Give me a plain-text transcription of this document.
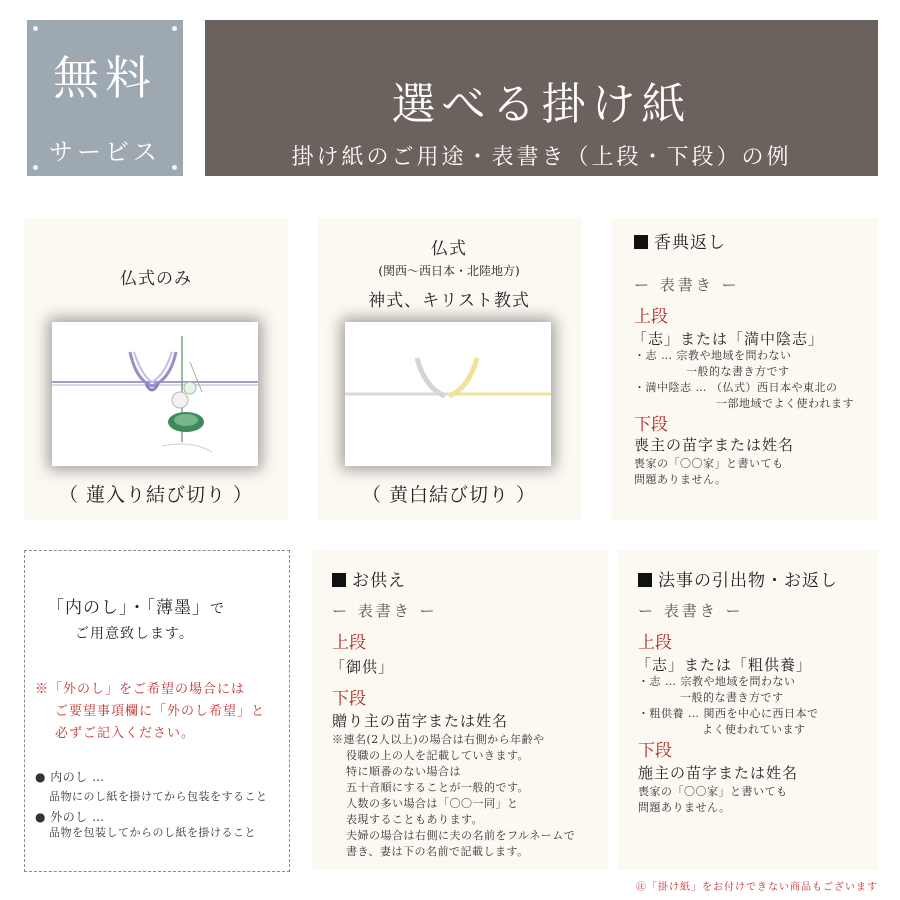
無料
サービス
選べる掛け紙
掛け紙のご用途・表書き（上段・下段）の例
仏式のみ
（ 蓮入り結び切り ）
仏式
(関西〜西日本・北陸地方)
神式、キリスト教式
（ 黄白結び切り ）
香典返し
ー 表書き ー
上段
「志」または「満中陰志」
・志 … 宗教や地域を問わない
一般的な書き方です
・満中陰志 … （仏式）西日本や東北の
一部地域でよく使われます
下段
喪主の苗字または姓名
喪家の「〇〇家」と書いても
問題ありません。
「内のし」・「薄墨」で
ご用意致します。
※「外のし」をご希望の場合には
ご要望事項欄に「外のし希望」と
必ずご記入ください。
● 内のし …
品物にのし紙を掛けてから包装をすること
● 外のし …
品物を包装してからのし紙を掛けること
お供え
ー 表書き ー
上段
「御供」
下段
贈り主の苗字または姓名
※連名(2人以上)の場合は右側から年齢や
役職の上の人を記載していきます。
特に順番のない場合は
五十音順にすることが一般的です。
人数の多い場合は「〇〇一同」と
表現することもあります。
夫婦の場合は右側に夫の名前をフルネームで
書き、妻は下の名前で記載します。
法事の引出物・お返し
ー 表書き ー
上段
「志」または「粗供養」
・志 … 宗教や地域を問わない
一般的な書き方です
・粗供養 … 関西を中心に西日本で
よく使われています
下段
施主の苗字または姓名
喪家の「〇〇家」と書いても
問題ありません。
㊟「掛け紙」をお付けできない商品もございます
